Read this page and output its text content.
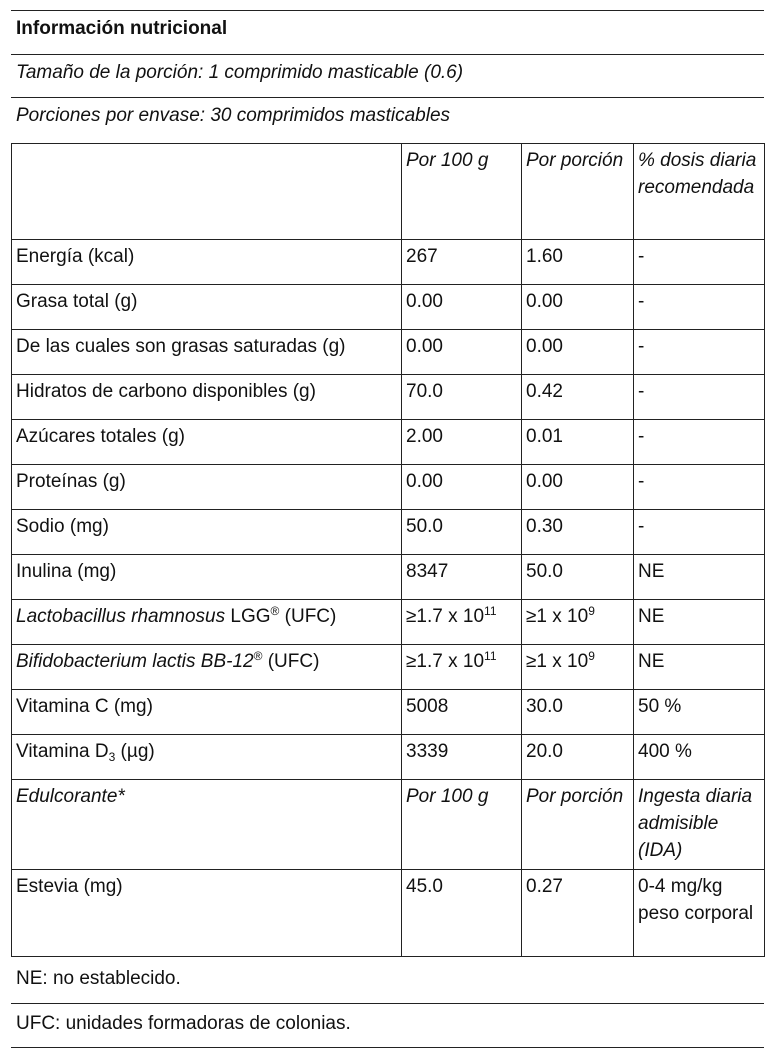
Información nutricional
Tamaño de la porción: 1 comprimido masticable (0.6)
Porciones por envase: 30 comprimidos masticables
	Por 100 g	Por porción	% dosis diaria recomendada
Energía (kcal)	267	1.60	-
Grasa total (g)	0.00	0.00	-
De las cuales son grasas saturadas (g)	0.00	0.00	-
Hidratos de carbono disponibles (g)	70.0	0.42	-
Azúcares totales (g)	2.00	0.01	-
Proteínas (g)	0.00	0.00	-
Sodio (mg)	50.0	0.30	-
Inulina (mg)	8347	50.0	NE
Lactobacillus rhamnosus LGG® (UFC)	≥1.7 x $10^{11}$	≥1 x $10^9$	NE
Bifidobacterium lactis BB-12® (UFC)	≥1.7 x $10^{11}$	≥1 x $10^9$	NE
Vitamina C (mg)	5008	30.0	50 %
Vitamina $D_3$ (µg)	3339	20.0	400 %
Edulcorante*	Por 100 g	Por porción	Ingesta diaria admisible (IDA)
Estevia (mg)	45.0	0.27	0-4 mg/kg peso corporal
NE: no establecido.
UFC: unidades formadoras de colonias.
